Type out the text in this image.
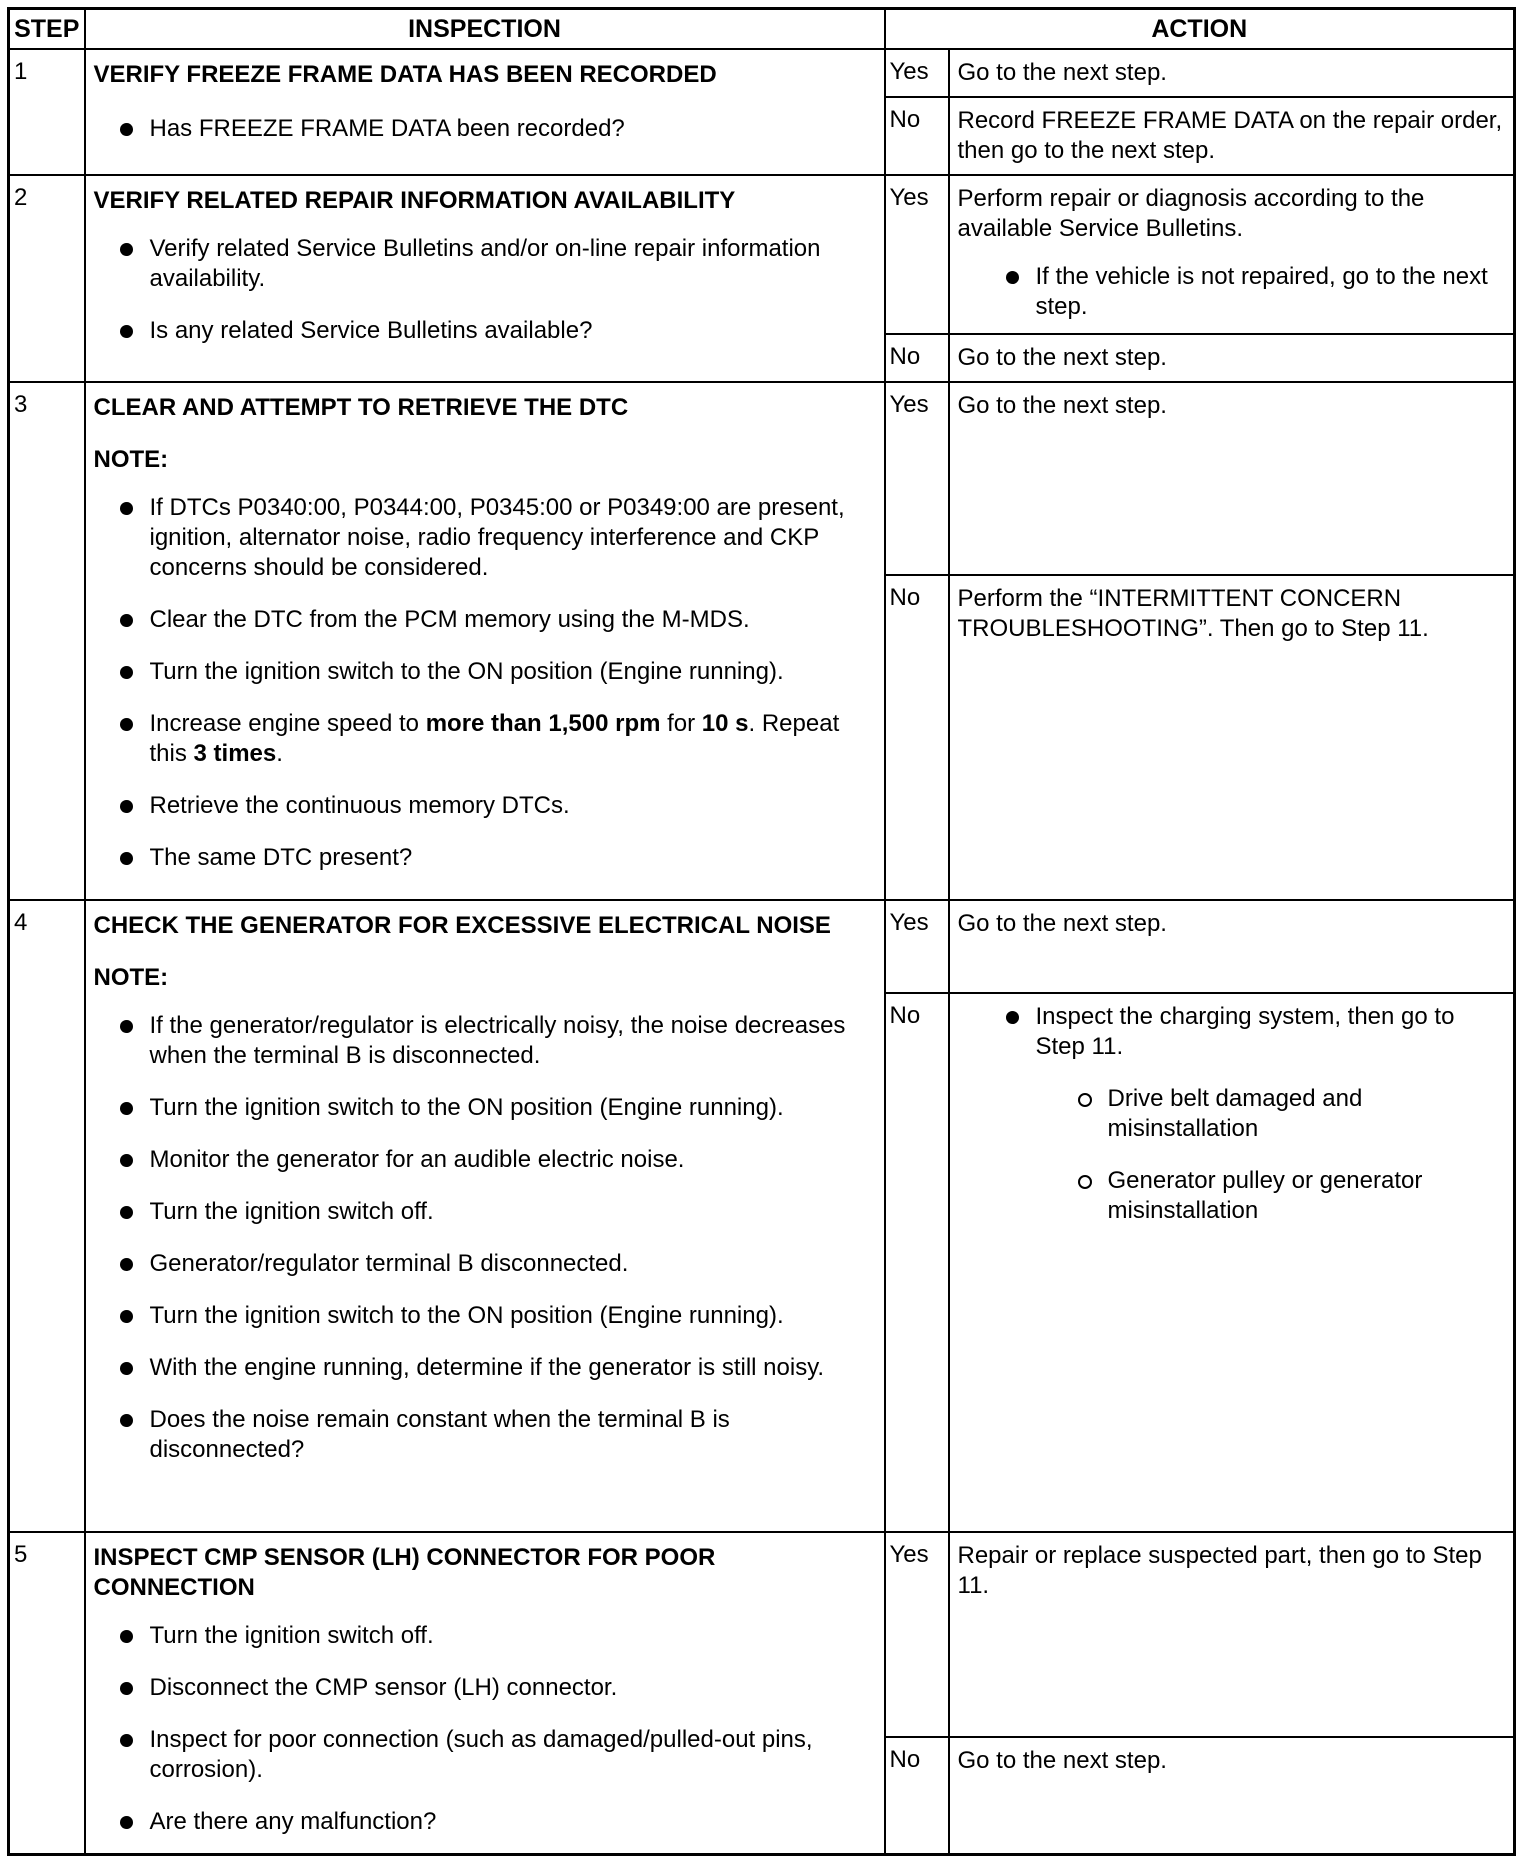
STEP	INSPECTION	ACTION
1	VERIFY FREEZE FRAME DATA HAS BEEN RECORDED
Has FREEZE FRAME DATA been recorded?

Yes	Go to the next step.
No	Record FREEZE FRAME DATA on the repair order, then go to the next step.

2	VERIFY RELATED REPAIR INFORMATION AVAILABILITY
Verify related Service Bulletins and/or on-line repair information availability.
Is any related Service Bulletins available?

Yes	Perform repair or diagnosis according to the available Service Bulletins.
If the vehicle is not repaired, go to the next step.

No	Go to the next step.

3	CLEAR AND ATTEMPT TO RETRIEVE THE DTC
NOTE:
If DTCs P0340:00, P0344:00, P0345:00 or P0349:00 are present, ignition, alternator noise, radio frequency interference and CKP concerns should be considered.
Clear the DTC from the PCM memory using the M-MDS.
Turn the ignition switch to the ON position (Engine running).
Increase engine speed to more than 1,500 rpm for 10 s. Repeat this 3 times.
Retrieve the continuous memory DTCs.
The same DTC present?

Yes	Go to the next step.
No	Perform the “INTERMITTENT CONCERN TROUBLESHOOTING”. Then go to Step 11.

4	CHECK THE GENERATOR FOR EXCESSIVE ELECTRICAL NOISE
NOTE:
If the generator/regulator is electrically noisy, the noise decreases when the terminal B is disconnected.
Turn the ignition switch to the ON position (Engine running).
Monitor the generator for an audible electric noise.
Turn the ignition switch off.
Generator/regulator terminal B disconnected.
Turn the ignition switch to the ON position (Engine running).
With the engine running, determine if the generator is still noisy.
Does the noise remain constant when the terminal B is disconnected?

Yes	Go to the next step.
No	Inspect the charging system, then go to Step 11.
Drive belt damaged and misinstallation
Generator pulley or generator misinstallation

5	INSPECT CMP SENSOR (LH) CONNECTOR FOR POOR CONNECTION
Turn the ignition switch off.
Disconnect the CMP sensor (LH) connector.
Inspect for poor connection (such as damaged/pulled-out pins, corrosion).
Are there any malfunction?

Yes	Repair or replace suspected part, then go to Step 11.
No	Go to the next step.
